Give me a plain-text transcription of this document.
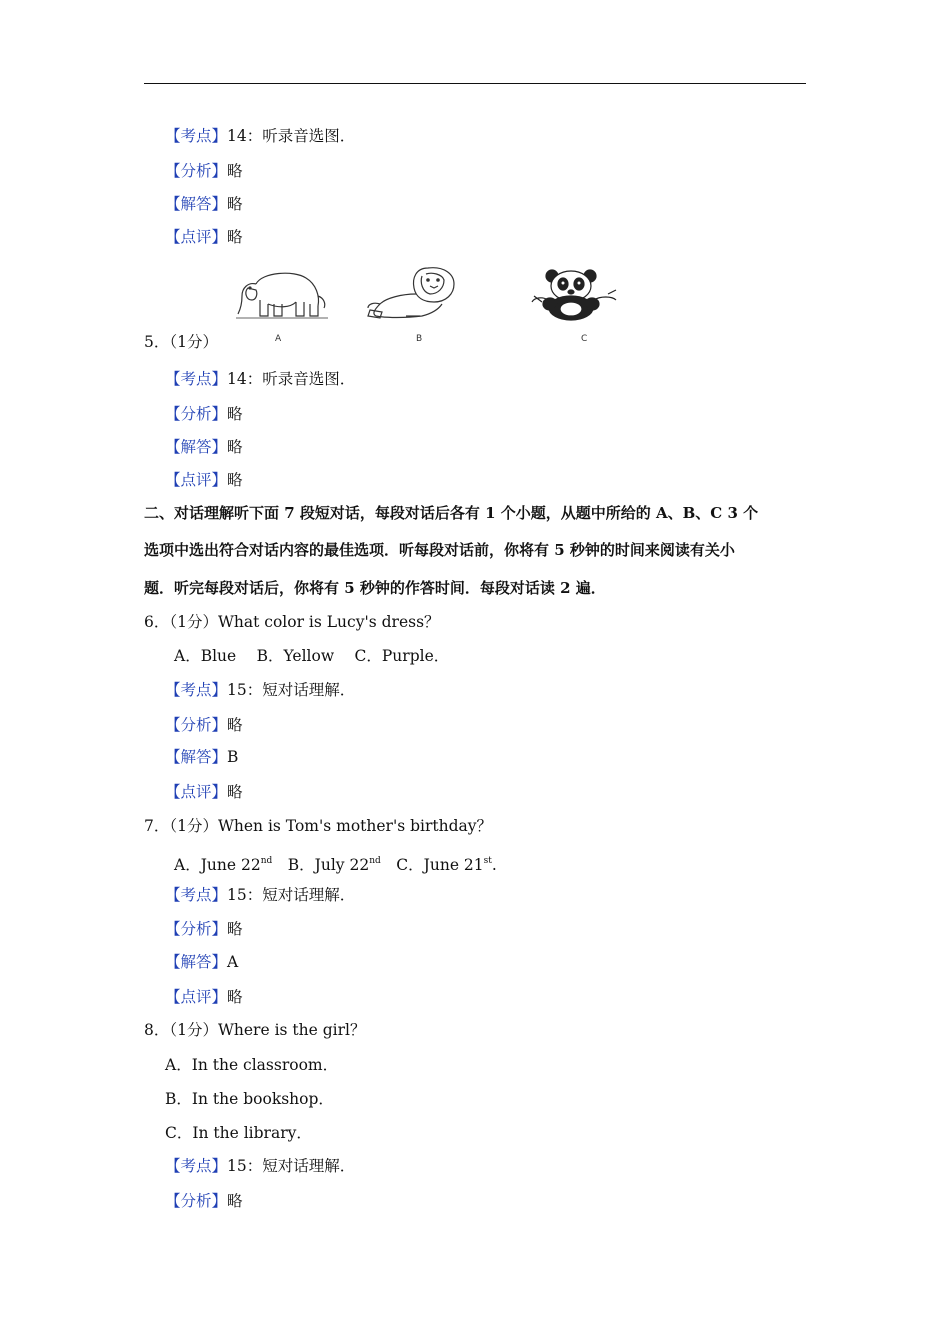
【考点】14：听录音选图．
【分析】略
【解答】略
【点评】略
A	B	C
5．（1分）
【考点】14：听录音选图．
【分析】略
【解答】略
【点评】略
二、对话理解听下面 7 段短对话，每段对话后各有 1 个小题，从题中所给的 A、B、C 3 个
选项中选出符合对话内容的最佳选项．听每段对话前，你将有 5 秒钟的时间来阅读有关小
题．听完每段对话后，你将有 5 秒钟的作答时间．每段对话读 2 遍．
6．（1分）What color is Lucy's dress？
A．Blue　 B．Yellow　 C．Purple．
【考点】15：短对话理解．
【分析】略
【解答】B
【点评】略
7．（1分）When is Tom's mother's birthday？
A．June 22nd　B．July 22nd　C．June 21st.
【考点】15：短对话理解．
【分析】略
【解答】A
【点评】略
8．（1分）Where is the girl？
A．In the classroom．
B．In the bookshop．
C．In the library．
【考点】15：短对话理解．
【分析】略
